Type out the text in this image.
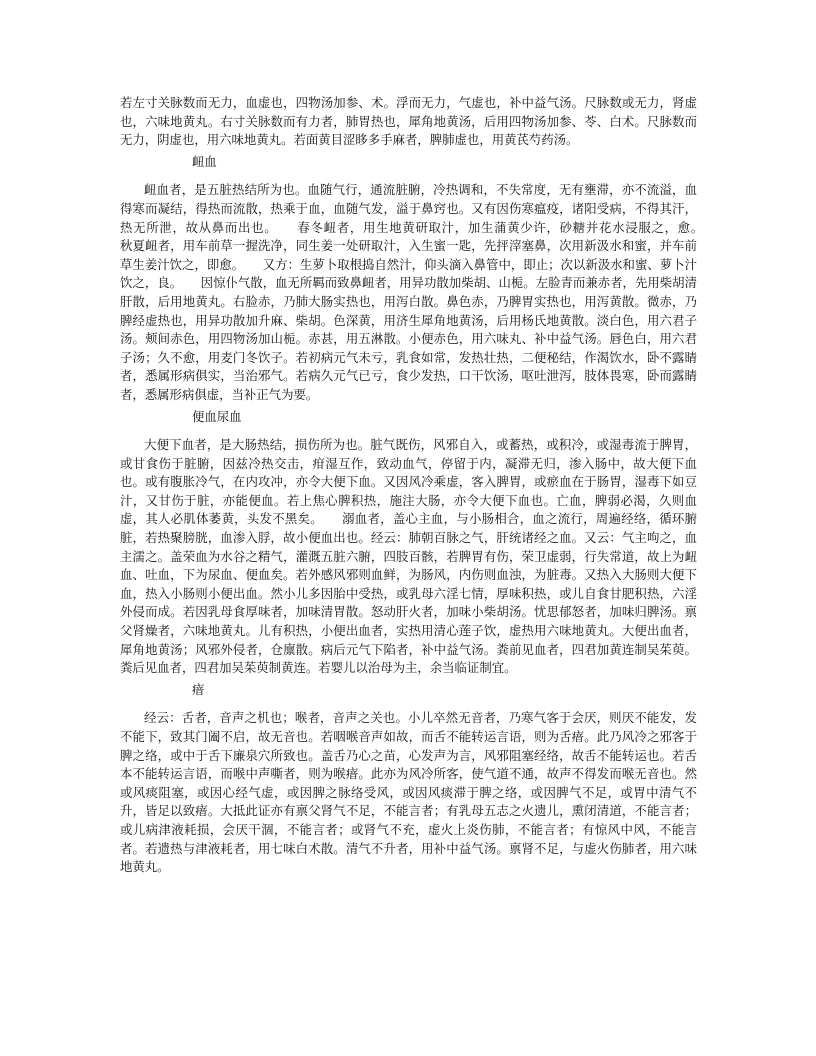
若左寸关脉数而无力，血虚也，四物汤加参、术。浮而无力，气虚也，补中益气汤。尺脉数或无力，肾虚也，六味地黄丸。右寸关脉数而有力者，肺胃热也，犀角地黄汤，后用四物汤加参、苓、白术。尺脉数而无力，阴虚也，用六味地黄丸。若面黄目涩眵多手麻者，脾肺虚也，用黄芪芍药汤。

衄血

衄血者，是五脏热结所为也。血随气行，通流脏腑，冷热调和，不失常度，无有壅滞，亦不流溢，血得寒而凝结，得热而流散，热乘于血，血随气发，溢于鼻窍也。又有因伤寒瘟疫，诸阳受病，不得其汗，热无所泄，故从鼻而出也。　　春冬衄者，用生地黄研取汁，加生蒲黄少许，砂糖并花水浸服之，愈。　　秋夏衄者，用车前草一握洗净，同生姜一处研取汁，入生蜜一匙，先抨滓塞鼻，次用新汲水和蜜，并车前草生姜汁饮之，即愈。　　又方：生萝卜取根捣自然汁，仰头滴入鼻管中，即止；次以新汲水和蜜、萝卜汁饮之，良。　　因惊仆气散，血无所羁而致鼻衄者，用异功散加柴胡、山栀。左脸青而兼赤者，先用柴胡清肝散，后用地黄丸。右脸赤，乃肺大肠实热也，用泻白散。鼻色赤，乃脾胃实热也，用泻黄散。微赤，乃脾经虚热也，用异功散加升麻、柴胡。色深黄，用济生犀角地黄汤，后用杨氏地黄散。淡白色，用六君子汤。颊间赤色，用四物汤加山栀。赤甚，用五淋散。小便赤色，用六味丸、补中益气汤。唇色白，用六君子汤；久不愈，用麦门冬饮子。若初病元气未亏，乳食如常，发热壮热，二便秘结，作渴饮水，卧不露睛者，悉属形病俱实，当治邪气。若病久元气已亏，食少发热，口干饮汤，呕吐泄泻，肢体畏寒，卧而露睛者，悉属形病俱虚，当补正气为要。

便血尿血

大便下血者，是大肠热结，损伤所为也。脏气既伤，风邪自入，或蓄热，或积冷，或湿毒流于脾胃，或甘食伤于脏腑，因兹冷热交击，疳湿互作，致动血气，停留于内，凝滞无归，渗入肠中，故大便下血也。或有腹胀冷气，在内攻冲，亦令大便下血。又因风冷乘虚，客入脾胃，或瘀血在于肠胃，湿毒下如豆汁，又甘伤于脏，亦能便血。若上焦心脾积热，施注大肠，亦令大便下血也。亡血，脾弱必渴，久则血虚，其人必肌体萎黄，头发不黑矣。　　溺血者，盖心主血，与小肠相合，血之流行，周遍经络，循环腑脏，若热聚膀胱，血渗入脬，故小便血出也。经云：肺朝百脉之气，肝统诸经之血。又云：气主呴之，血主濡之。盖荣血为水谷之精气，灌溉五脏六腑，四肢百骸，若脾胃有伤，荣卫虚弱，行失常道，故上为衄血、吐血，下为尿血、便血矣。若外感风邪则血鲜，为肠风，内伤则血浊，为脏毒。又热入大肠则大便下血，热入小肠则小便出血。然小儿多因胎中受热，或乳母六淫七情，厚味积热，或儿自食甘肥积热，六淫外侵而成。若因乳母食厚味者，加味清胃散。怒动肝火者，加味小柴胡汤。忧思郁怒者，加味归脾汤。禀父肾燥者，六味地黄丸。儿有积热，小便出血者，实热用清心莲子饮，虚热用六味地黄丸。大便出血者，犀角地黄汤；风邪外侵者，仓廪散。病后元气下陷者，补中益气汤。粪前见血者，四君加黄连制吴茱萸。粪后见血者，四君加吴茱萸制黄连。若婴儿以治母为主，余当临证制宜。

瘖

经云：舌者，音声之机也；喉者，音声之关也。小儿卒然无音者，乃寒气客于会厌，则厌不能发，发不能下，致其门阖不启，故无音也。若咽喉音声如故，而舌不能转运言语，则为舌瘖。此乃风冷之邪客于脾之络，或中于舌下廉泉穴所致也。盖舌乃心之苗，心发声为言，风邪阻塞经络，故舌不能转运也。若舌本不能转运言语，而喉中声嘶者，则为喉瘖。此亦为风冷所客，使气道不通，故声不得发而喉无音也。然或风痰阻塞，或因心经气虚，或因脾之脉络受风，或因风痰滞于脾之络，或因脾气不足，或胃中清气不升，皆足以致瘖。大抵此证亦有禀父肾气不足，不能言者；有乳母五志之火遗儿，熏闭清道，不能言者；或儿病津液耗损，会厌干涸，不能言者；或肾气不充，虚火上炎伤肺，不能言者；有惊风中风，不能言者。若遗热与津液耗者，用七味白术散。清气不升者，用补中益气汤。禀肾不足，与虚火伤肺者，用六味地黄丸。
